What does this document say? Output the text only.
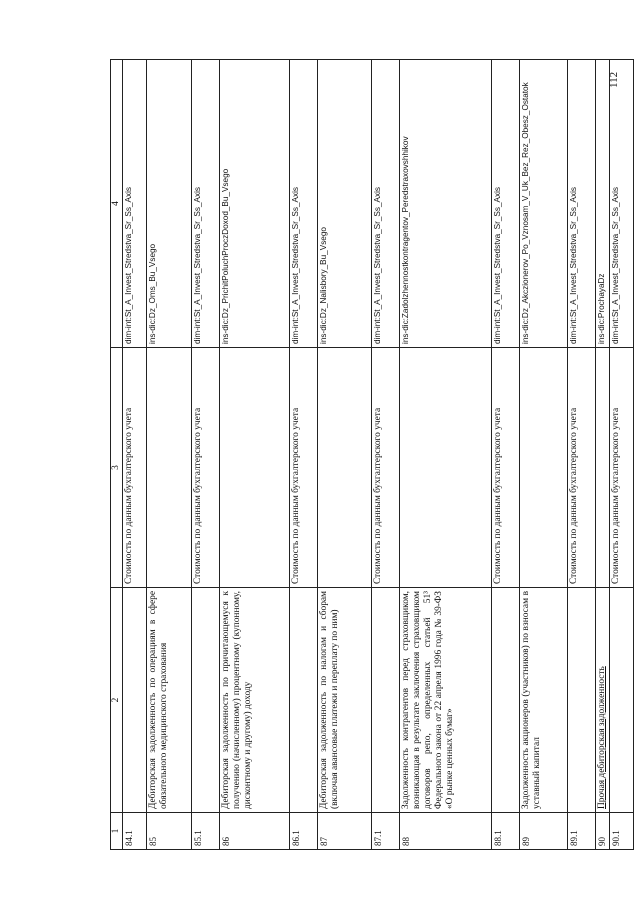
112
1	2	3	4
84.1		Стоимость по данным бухгалтерского учета	dim-int:St_A_Invest_Stredstva_Sr_Ss_Axis
85	Дебиторская задолженность по операциям в сфере обязательного медицинского страхования		ins-dic:Dz_Oms_Bu_Vsego
85.1		Стоимость по данным бухгалтерского учета	dim-int:St_A_Invest_Stredstva_Sr_Ss_Axis
86	Дебиторская задолженность по причитающемуся к получению (начисленному) процентному (купонному, дисконтному и другому) доходу		ins-dic:Dz_PrichitPoluchProczDoxod_Bu_Vsego
86.1		Стоимость по данным бухгалтерского учета	dim-int:St_A_Invest_Stredstva_Sr_Ss_Axis
87	Дебиторская задолженность по налогам и сборам (включая авансовые платежи и переплату по ним)		ins-dic:Dz_Nalisbory_Bu_Vsego
87.1		Стоимость по данным бухгалтерского учета	dim-int:St_A_Invest_Stredstva_Sr_Ss_Axis
88	Задолженность контрагентов перед страховщиком, возникающая в результате заключения страховщиком договоров репо, определенных статьей 51³ Федерального закона от 22 апреля 1996 года № 39-ФЗ «О рынке ценных бумаг»		ins-dic:Zadolzhennostkontragentov_Peredstraxovshhikov
88.1		Стоимость по данным бухгалтерского учета	dim-int:St_A_Invest_Stredstva_Sr_Ss_Axis
89	Задолженность акционеров (участников) по взносам в уставный капитал		ins-dic:Dz_Akczionerov_Po_Vznosam_V_Uk_Bez_Rez_Obesz_Ostatok
89.1		Стоимость по данным бухгалтерского учета	dim-int:St_A_Invest_Stredstva_Sr_Ss_Axis
90	Прочая дебиторская задолженность		ins-dic:ProchayaDz
90.1		Стоимость по данным бухгалтерского учета	dim-int:St_A_Invest_Stredstva_Sr_Ss_Axis
